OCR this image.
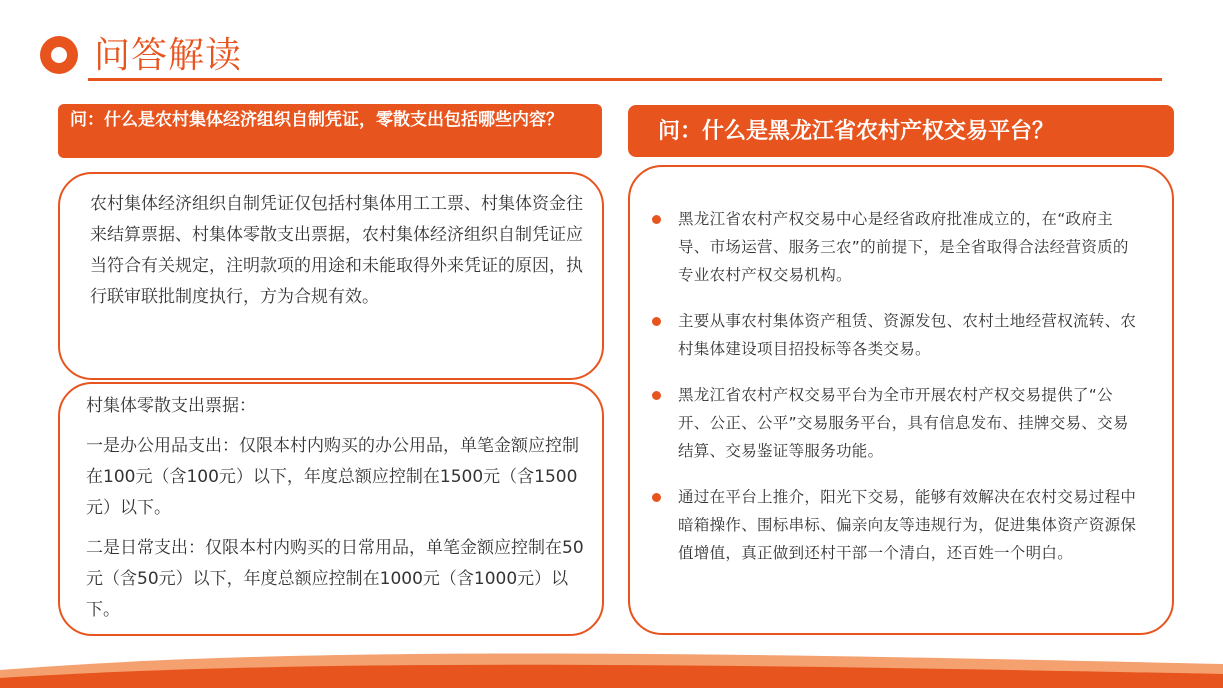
问答解读
问：什么是农村集体经济组织自制凭证，零散支出包括哪些内容？
农村集体经济组织自制凭证仅包括村集体用工工票、村集体资金往来结算票据、村集体零散支出票据，农村集体经济组织自制凭证应当符合有关规定，注明款项的用途和未能取得外来凭证的原因，执行联审联批制度执行，方为合规有效。

村集体零散支出票据：

一是办公用品支出：仅限本村内购买的办公用品，单笔金额应控制在100元（含100元）以下，年度总额应控制在1500元（含1500元）以下。

二是日常支出：仅限本村内购买的日常用品，单笔金额应控制在50元（含50元）以下，年度总额应控制在1000元（含1000元）以下。

问：什么是黑龙江省农村产权交易平台？
黑龙江省农村产权交易中心是经省政府批准成立的，在“政府主导、市场运营、服务三农”的前提下，是全省取得合法经营资质的专业农村产权交易机构。
主要从事农村集体资产租赁、资源发包、农村土地经营权流转、农村集体建设项目招投标等各类交易。
黑龙江省农村产权交易平台为全市开展农村产权交易提供了“公开、公正、公平”交易服务平台，具有信息发布、挂牌交易、交易结算、交易鉴证等服务功能。
通过在平台上推介，阳光下交易，能够有效解决在农村交易过程中暗箱操作、围标串标、偏亲向友等违规行为，促进集体资产资源保值增值，真正做到还村干部一个清白，还百姓一个明白。
